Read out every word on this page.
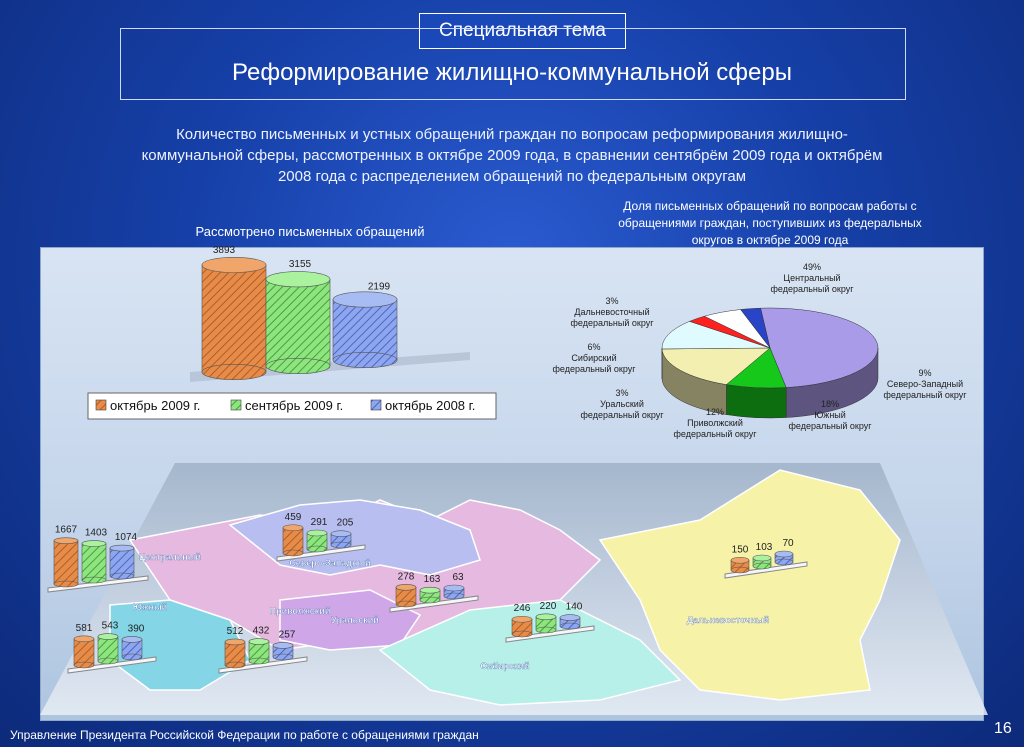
Специальная тема
Реформирование жилищно-коммунальной сферы
Количество письменных и устных обращений граждан по вопросам реформирования жилищно-коммунальной сферы, рассмотренных в октябре 2009 года, в сравнении сентябрём 2009 года и октябрём 2008 года с распределением обращений по федеральным округам
Доля письменных обращений по вопросам работы с обращениями граждан, поступивших из федеральных округов в октябре 2009 года
Рассмотрено письменных обращений
3893
3155
2199
октябрь 2009 г.	сентябрь 2009 г.	октябрь 2008 г.
49%
Центральный
федеральный округ
9%
Северо-Западный
федеральный округ
18%
Южный
федеральный округ
12%
Приволжский
федеральный округ
3%
Уральский
федеральный округ
6%
Сибирский
федеральный округ
3%
Дальневосточный
федеральный округ
1667 1403 1074
Центральный
459 291 205
Северо-Западный
581 543 390
Южный
512 432 257
Приволжский
278 163 63
Уральский
246 220 140
Сибирский
150 103 70
Дальневосточный
Управление Президента Российской Федерации по работе с обращениями граждан	16
